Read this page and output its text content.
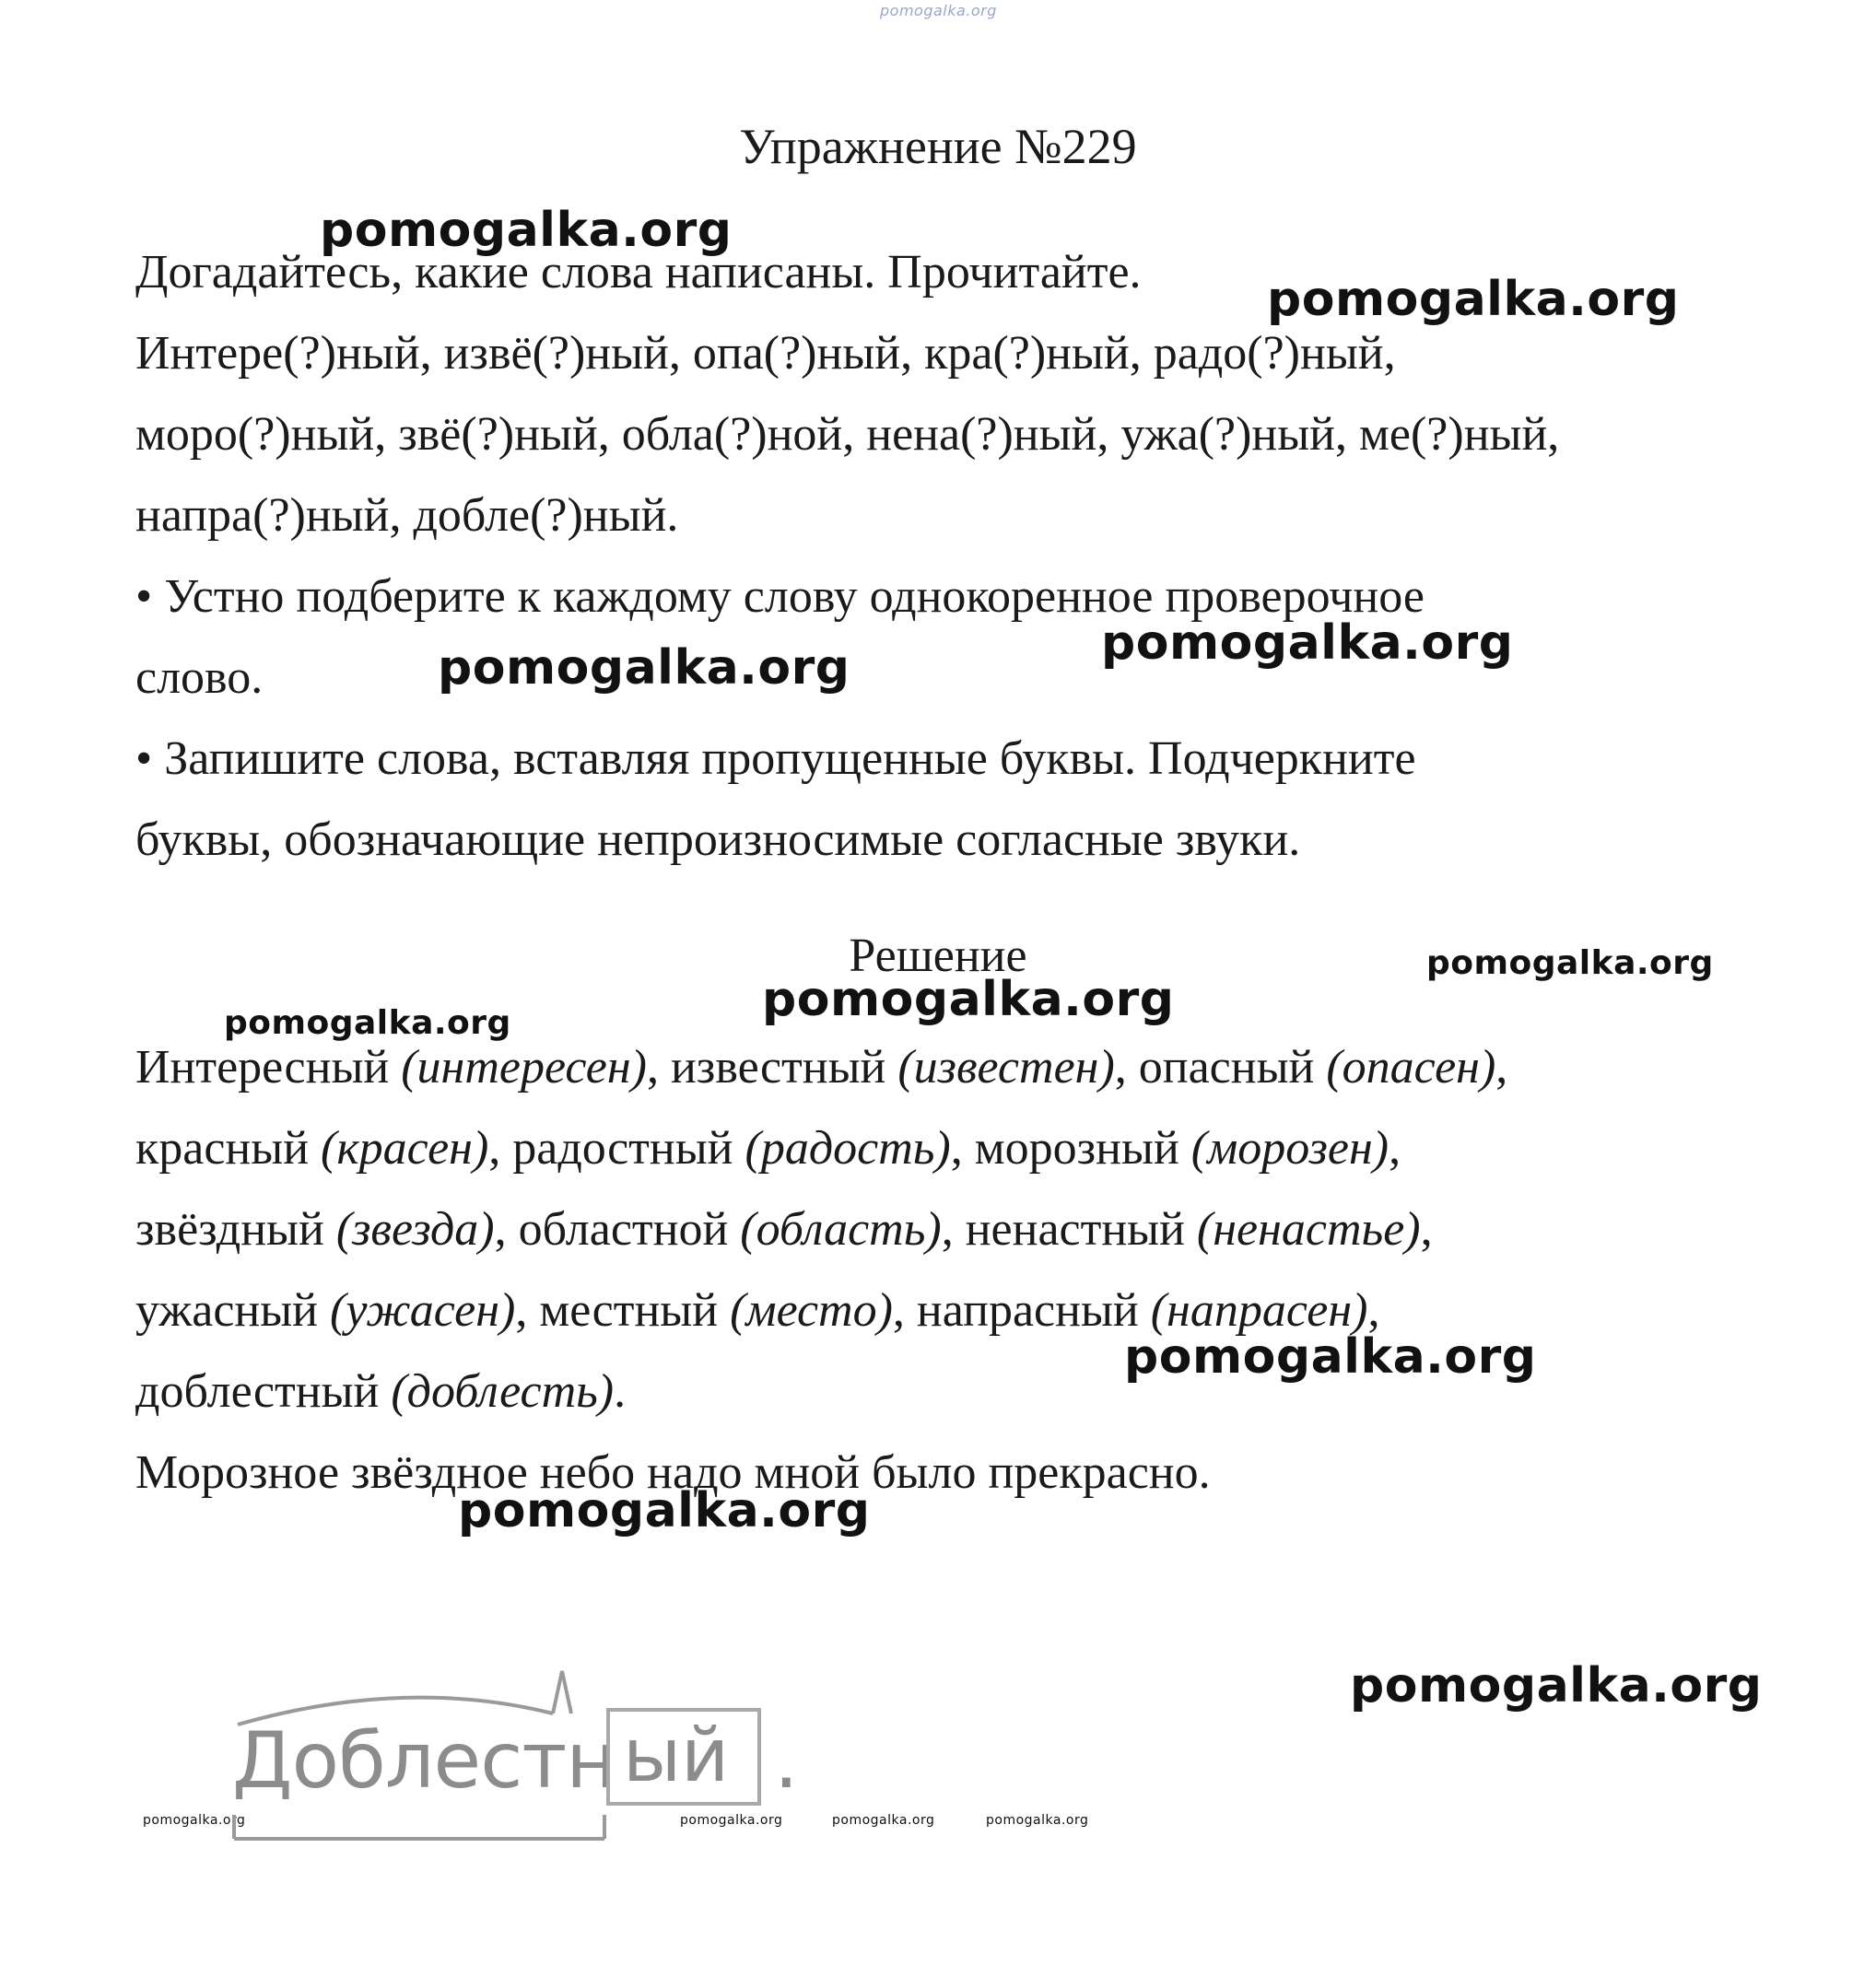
pomogalka.org
pomogalka.org
pomogalka.org
pomogalka.org
pomogalka.org
pomogalka.org
pomogalka.org
pomogalka.org
pomogalka.org
pomogalka.org
pomogalka.org
pomogalka.org	pomogalka.org	pomogalka.org	pomogalka.org
Упражнение №229
Догадайтесь, какие слова написаны. Прочитайте.
Интере(?)ный, извё(?)ный, опа(?)ный, кра(?)ный, радо(?)ный,
моро(?)ный, звё(?)ный, обла(?)ной, нена(?)ный, ужа(?)ный, ме(?)ный,
напра(?)ный, добле(?)ный.
• Устно подберите к каждому слову однокоренное проверочное
слово.
• Запишите слова, вставляя пропущенные буквы. Подчеркните
буквы, обозначающие непроизносимые согласные звуки.
Решение
Интересный (интересен), известный (известен), опасный (опасен),
красный (красен), радостный (радость), морозный (морозен),
звёздный (звезда), областной (область), ненастный (ненастье),
ужасный (ужасен), местный (место), напрасный (напрасен),
доблестный (доблесть).
Морозное звёздное небо надо мной было прекрасно.
Доблестн ый .
